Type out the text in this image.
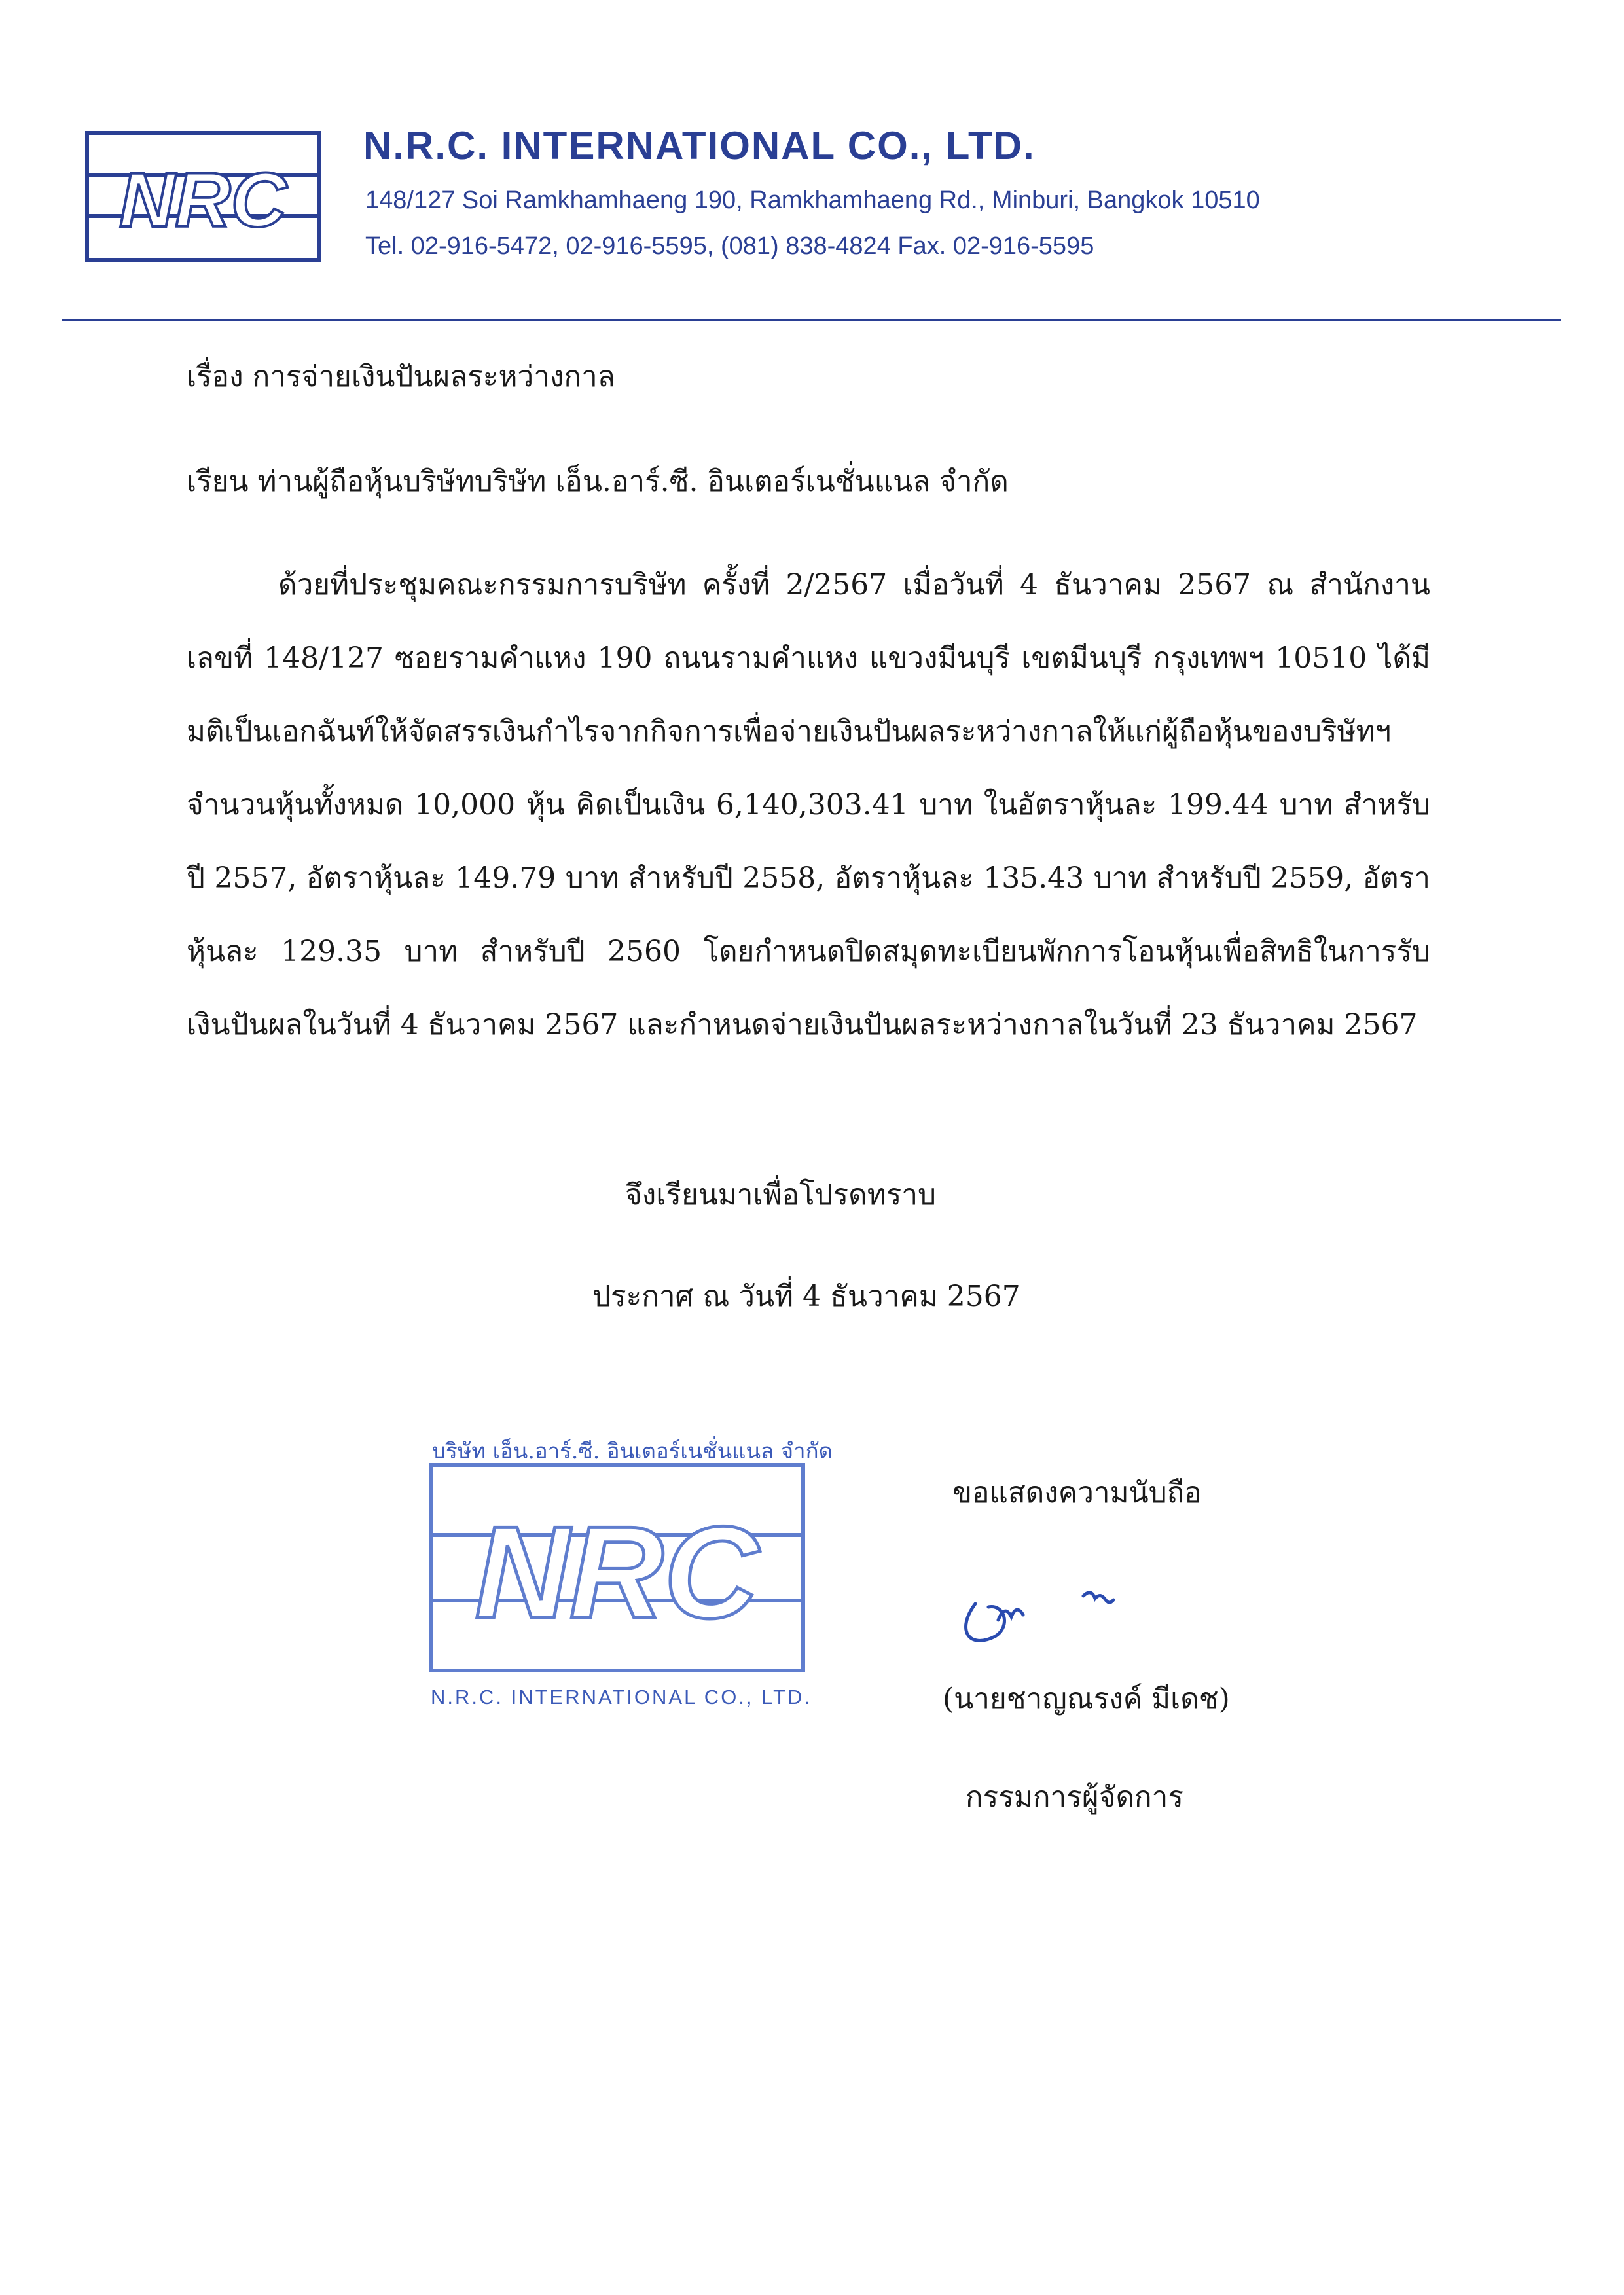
NRC
N.R.C. INTERNATIONAL CO., LTD.
148/127 Soi Ramkhamhaeng 190, Ramkhamhaeng Rd., Minburi, Bangkok 10510
Tel. 02-916-5472, 02-916-5595, (081) 838-4824 Fax. 02-916-5595
เรื่อง การจ่ายเงินปันผลระหว่างกาล
เรียน ท่านผู้ถือหุ้นบริษัทบริษัท เอ็น.อาร์.ซี. อินเตอร์เนชั่นแนล จำกัด
ด้วยที่ประชุมคณะกรรมการบริษัท ครั้งที่ 2/2567 เมื่อวันที่ 4 ธันวาคม 2567 ณ สำนักงาน เลขที่ 148/127 ซอยรามคำแหง 190 ถนนรามคำแหง แขวงมีนบุรี เขตมีนบุรี กรุงเทพฯ 10510 ได้มีมติเป็นเอกฉันท์ให้จัดสรรเงินกำไรจากกิจการเพื่อจ่ายเงินปันผลระหว่างกาลให้แก่ผู้ถือหุ้นของบริษัทฯ จำนวนหุ้นทั้งหมด 10,000 หุ้น คิดเป็นเงิน 6,140,303.41 บาท ในอัตราหุ้นละ 199.44 บาท สำหรับปี 2557, อัตราหุ้นละ 149.79 บาท สำหรับปี 2558, อัตราหุ้นละ 135.43 บาท สำหรับปี 2559, อัตราหุ้นละ 129.35 บาท สำหรับปี 2560 โดยกำหนดปิดสมุดทะเบียนพักการโอนหุ้นเพื่อสิทธิในการรับเงินปันผลในวันที่ 4 ธันวาคม 2567 และกำหนดจ่ายเงินปันผลระหว่างกาลในวันที่ 23 ธันวาคม 2567
จึงเรียนมาเพื่อโปรดทราบ
ประกาศ ณ วันที่ 4 ธันวาคม 2567
บริษัท เอ็น.อาร์.ซี. อินเตอร์เนชั่นแนล จำกัด
NRC
N.R.C. INTERNATIONAL CO., LTD.
ขอแสดงความนับถือ
(นายชาญณรงค์ มีเดช)
กรรมการผู้จัดการ
